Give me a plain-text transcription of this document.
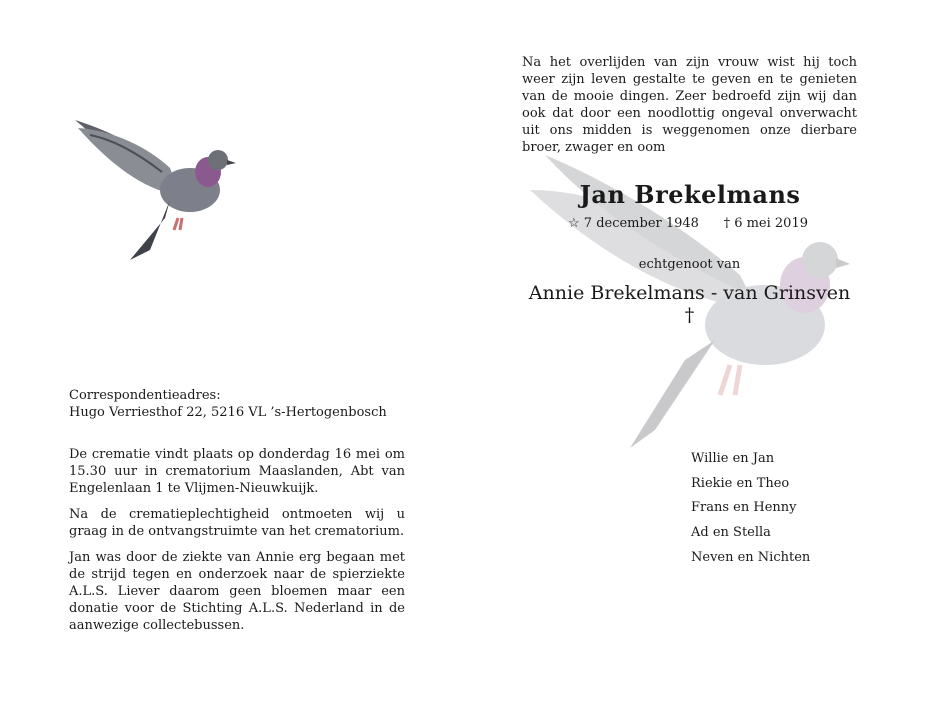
Na het overlijden van zijn vrouw wist hij toch weer zijn leven gestalte te geven en te genieten van de mooie dingen. Zeer bedroefd zijn wij dan ook dat door een noodlottig ongeval onverwacht uit ons midden is weggenomen onze dierbare broer, zwager en oom

Jan Brekelmans
☆ 7 december 1948 † 6 mei 2019
echtgenoot van
Annie Brekelmans - van Grinsven †
Willie en Jan
Riekie en Theo
Frans en Henny
Ad en Stella
Neven en Nichten

Correspondentieadres:

Hugo Verriesthof 22, 5216 VL ’s-Hertogenbosch

De crematie vindt plaats op donderdag 16 mei om 15.30 uur in crematorium Maaslanden, Abt van Engelenlaan 1 te Vlijmen-Nieuwkuijk.

Na de crematieplechtigheid ontmoeten wij u graag in de ontvangstruimte van het crematorium.

Jan was door de ziekte van Annie erg begaan met de strijd tegen en onderzoek naar de spierziekte A.L.S. Liever daarom geen bloemen maar een donatie voor de Stichting A.L.S. Nederland in de aanwezige collectebussen.
